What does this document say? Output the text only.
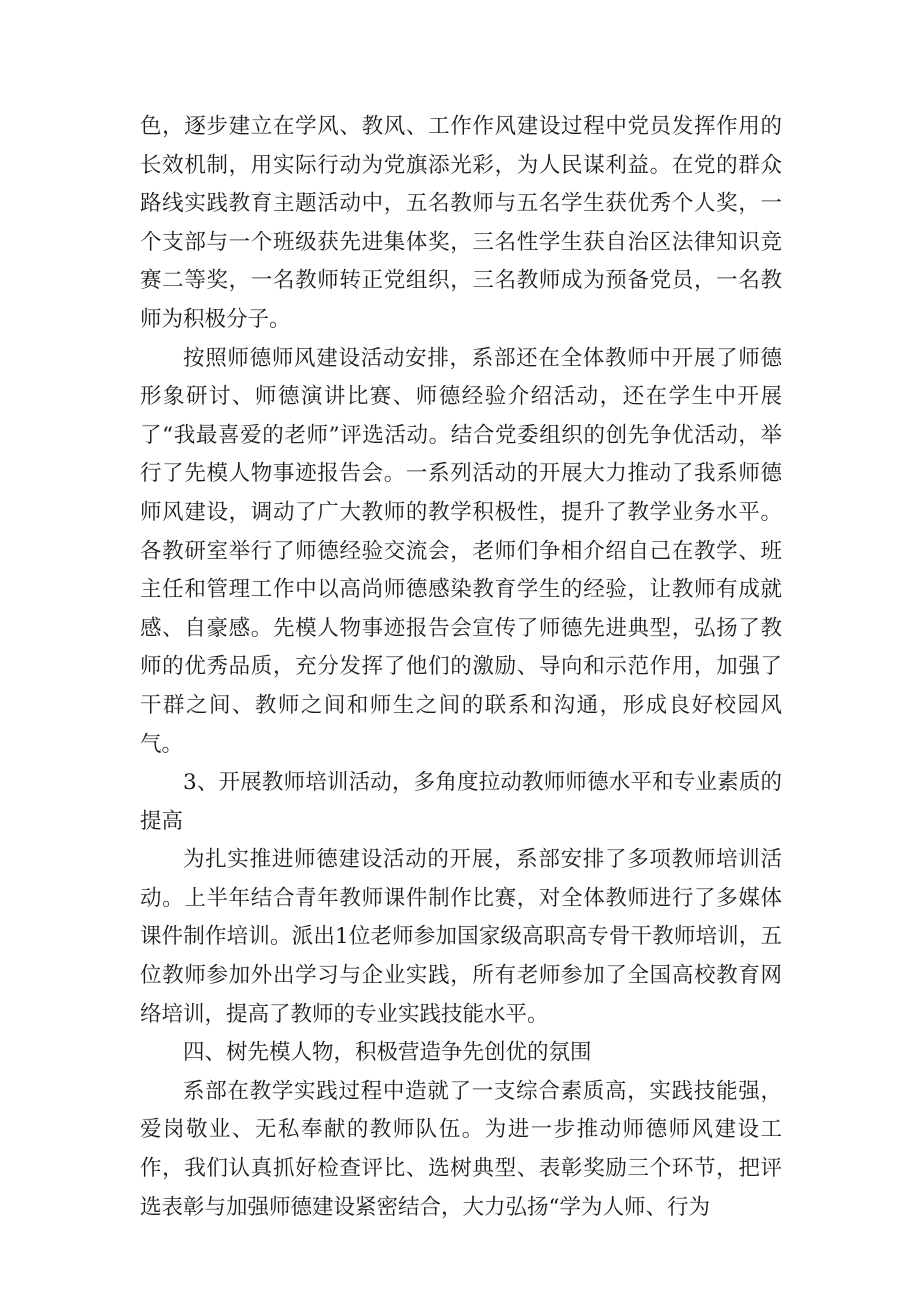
色，逐步建立在学风、教风、工作作风建设过程中党员发挥作用的长效机制，用实际行动为党旗添光彩，为人民谋利益。在党的群众路线实践教育主题活动中，五名教师与五名学生获优秀个人奖，一个支部与一个班级获先进集体奖，三名性学生获自治区法律知识竞赛二等奖，一名教师转正党组织，三名教师成为预备党员，一名教师为积极分子。

按照师德师风建设活动安排，系部还在全体教师中开展了师德形象研讨、师德演讲比赛、师德经验介绍活动，还在学生中开展了“我最喜爱的老师”评选活动。结合党委组织的创先争优活动，举行了先模人物事迹报告会。一系列活动的开展大力推动了我系师德师风建设，调动了广大教师的教学积极性，提升了教学业务水平。各教研室举行了师德经验交流会，老师们争相介绍自己在教学、班主任和管理工作中以高尚师德感染教育学生的经验，让教师有成就感、自豪感。先模人物事迹报告会宣传了师德先进典型，弘扬了教师的优秀品质，充分发挥了他们的激励、导向和示范作用，加强了干群之间、教师之间和师生之间的联系和沟通，形成良好校园风气。

3、开展教师培训活动，多角度拉动教师师德水平和专业素质的提高

为扎实推进师德建设活动的开展，系部安排了多项教师培训活动。上半年结合青年教师课件制作比赛，对全体教师进行了多媒体课件制作培训。派出1位老师参加国家级高职高专骨干教师培训，五位教师参加外出学习与企业实践，所有老师参加了全国高校教育网络培训，提高了教师的专业实践技能水平。

四、树先模人物，积极营造争先创优的氛围

系部在教学实践过程中造就了一支综合素质高，实践技能强，爱岗敬业、无私奉献的教师队伍。为进一步推动师德师风建设工作，我们认真抓好检查评比、选树典型、表彰奖励三个环节，把评选表彰与加强师德建设紧密结合，大力弘扬“学为人师、行为
